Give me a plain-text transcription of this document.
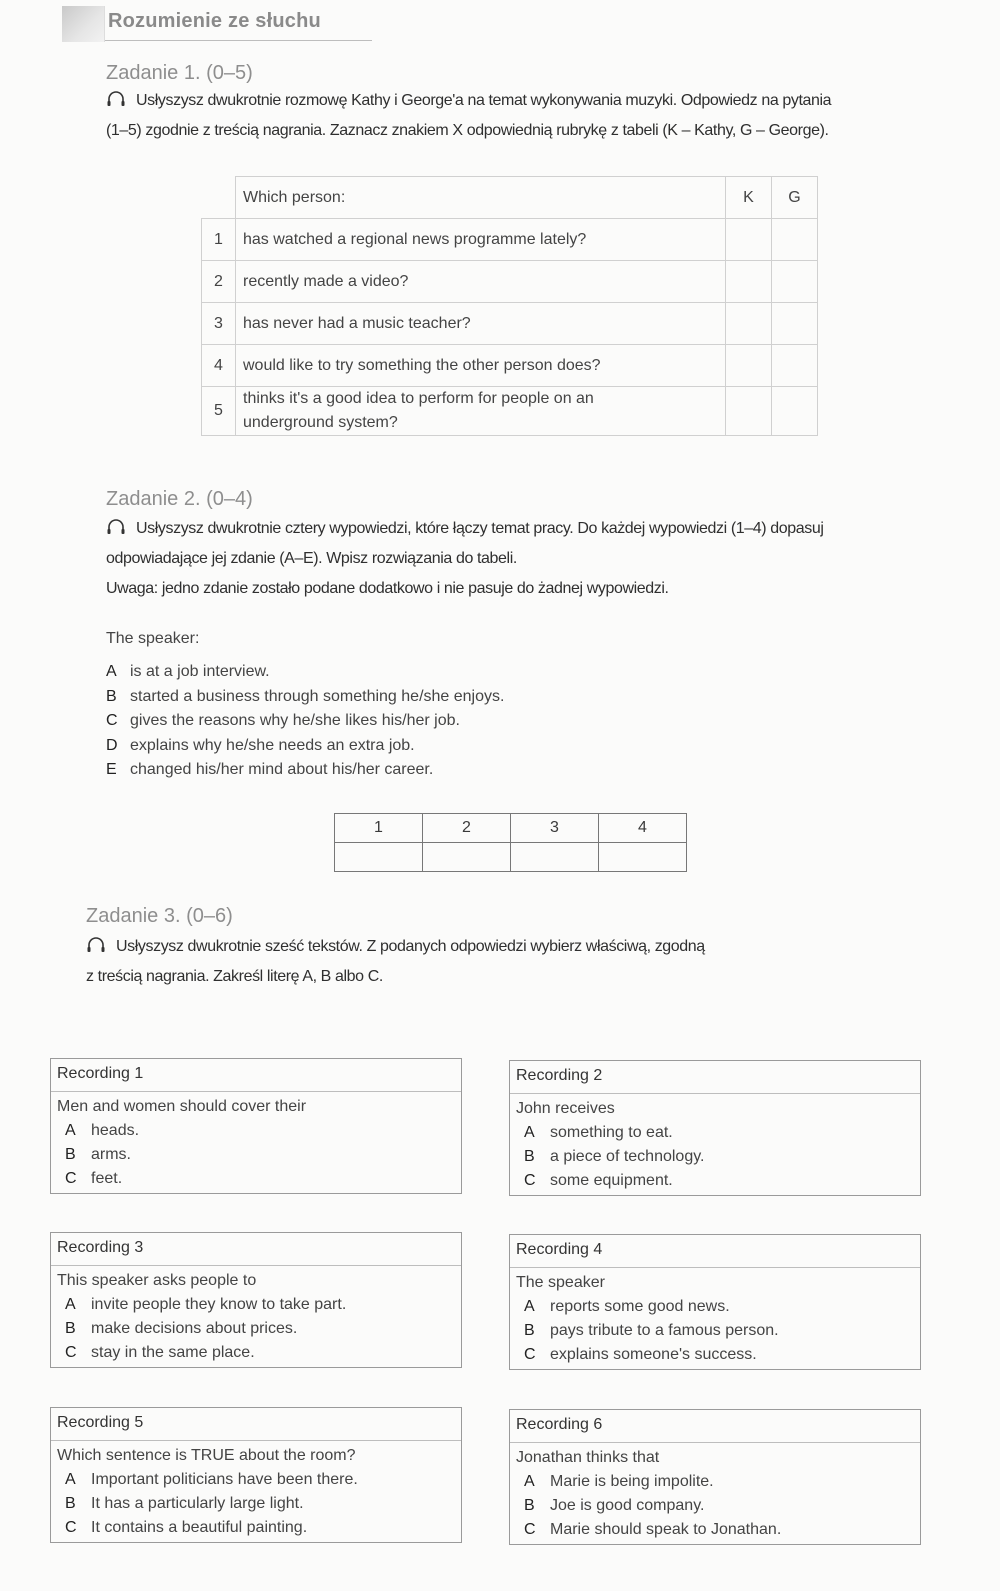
Rozumienie ze słuchu
Zadanie 1. (0–5)
Usłyszysz dwukrotnie rozmowę Kathy i George'a na temat wykonywania muzyki. Odpowiedz na pytania
(1–5) zgodnie z treścią nagrania. Zaznacz znakiem X odpowiednią rubrykę z tabeli (K – Kathy, G – George).
	Which person:	K	G
1	has watched a regional news programme lately?		
2	recently made a video?		
3	has never had a music teacher?		
4	would like to try something the other person does?		
5	thinks it's a good idea to perform for people on an
underground system?		

Zadanie 2. (0–4)
Usłyszysz dwukrotnie cztery wypowiedzi, które łączy temat pracy. Do każdej wypowiedzi (1–4) dopasuj
odpowiadające jej zdanie (A–E). Wpisz rozwiązania do tabeli.
Uwaga: jedno zdanie zostało podane dodatkowo i nie pasuje do żadnej wypowiedzi.
The speaker:
A is at a job interview.
B started a business through something he/she enjoys.
C gives the reasons why he/she likes his/her job.
D explains why he/she needs an extra job.
E changed his/her mind about his/her career.
1	2	3	4

Zadanie 3. (0–6)
Usłyszysz dwukrotnie sześć tekstów. Z podanych odpowiedzi wybierz właściwą, zgodną
z treścią nagrania. Zakreśl literę A, B albo C.
Recording 1
Men and women should cover their
A heads.
B arms.
C feet.
Recording 2
John receives
A something to eat.
B a piece of technology.
C some equipment.
Recording 3
This speaker asks people to
A invite people they know to take part.
B make decisions about prices.
C stay in the same place.
Recording 4
The speaker
A reports some good news.
B pays tribute to a famous person.
C explains someone's success.
Recording 5
Which sentence is TRUE about the room?
A Important politicians have been there.
B It has a particularly large light.
C It contains a beautiful painting.
Recording 6
Jonathan thinks that
A Marie is being impolite.
B Joe is good company.
C Marie should speak to Jonathan.
